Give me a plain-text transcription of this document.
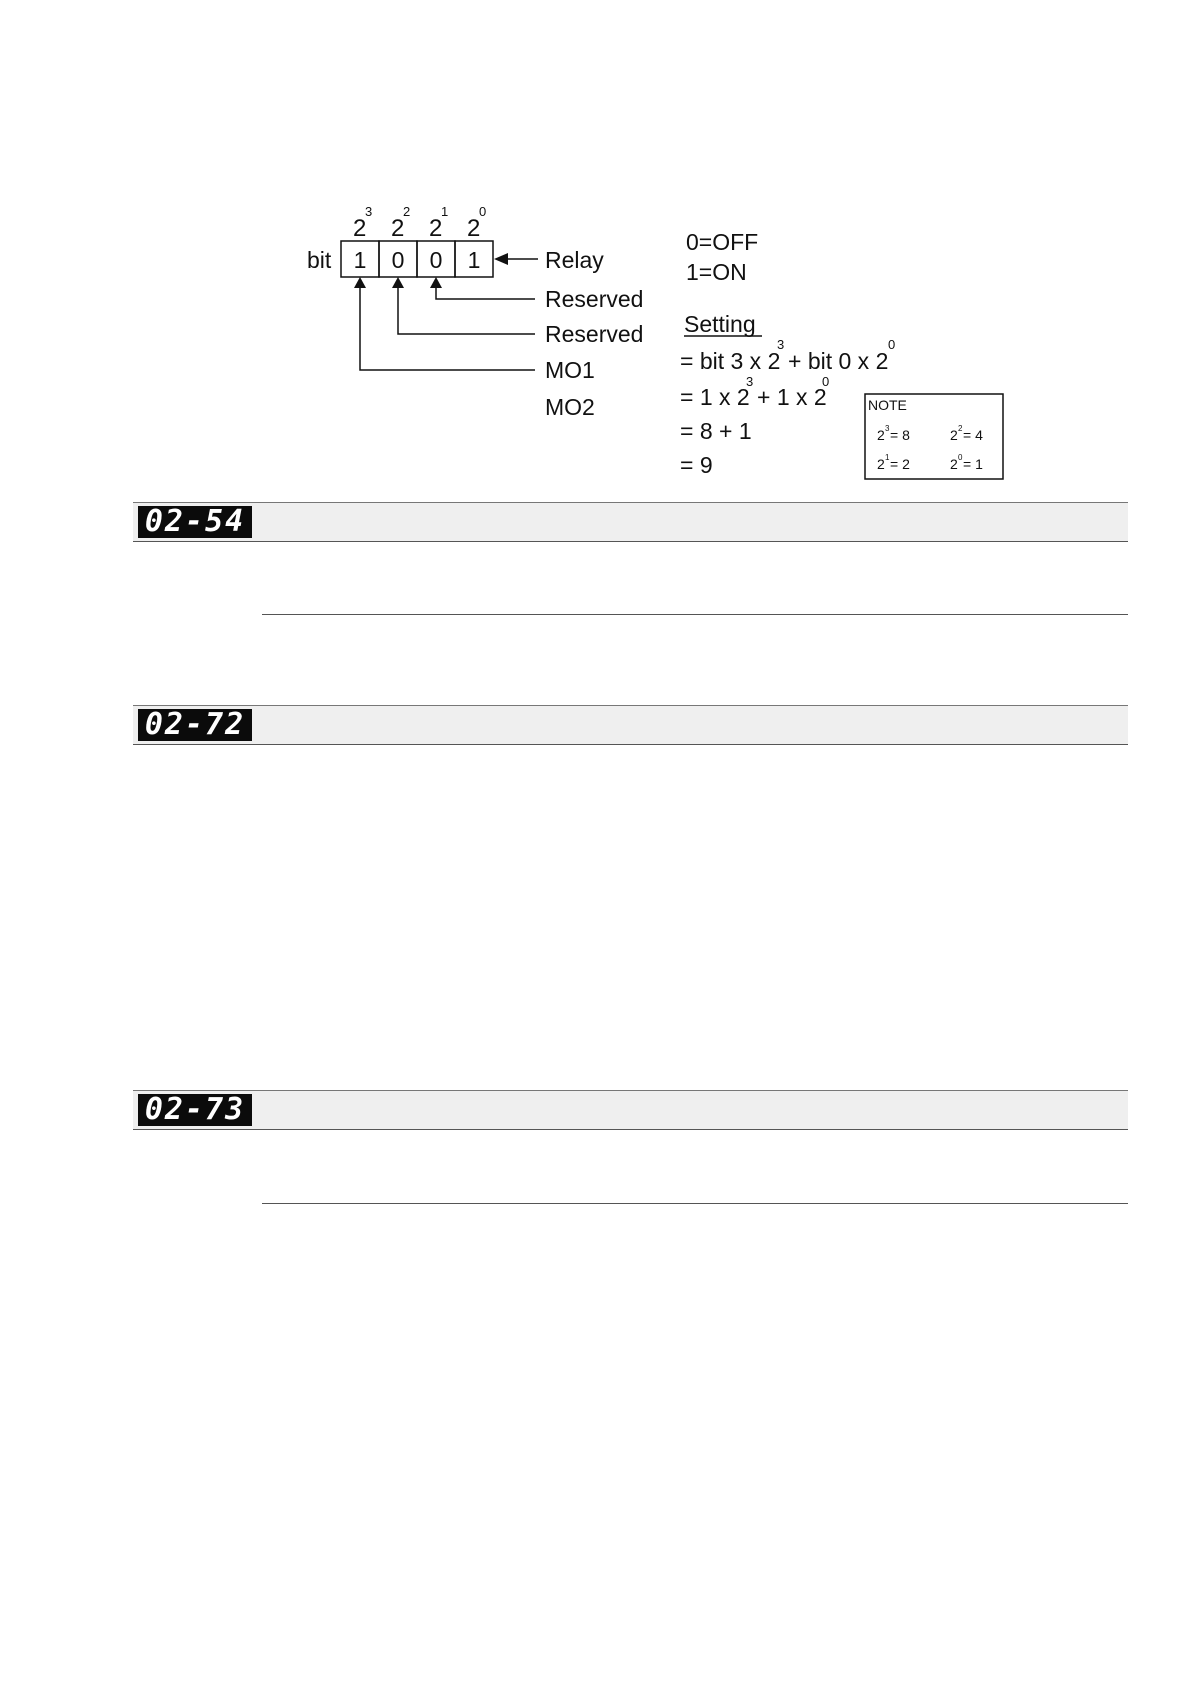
2
3
2
2
2
1
2
0
bit 1 0 0 1	Relay
Reserved
Reserved
MO1
MO2
0=OFF
1=ON
Setting
= bit 3 x 2
3
+ bit 0 x 2
0
= 1 x 2
3
+ 1 x 2
0
= 8 + 1
= 9
NOTE
2 3 = 8	2 2 = 4
2 1 = 2	2 0 = 1
02-54
02-72
02-73
